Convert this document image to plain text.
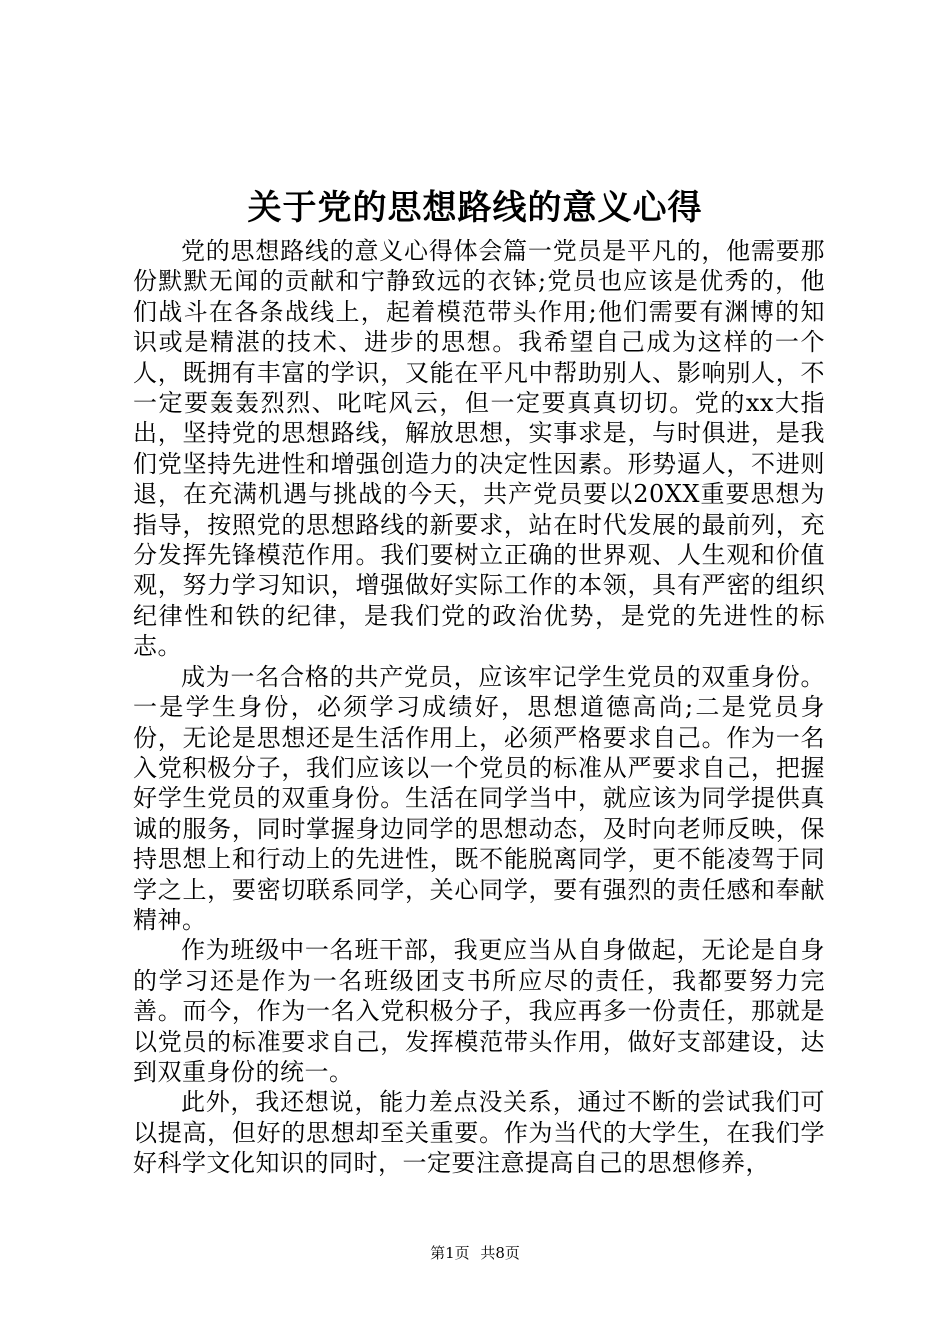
关于党的思想路线的意义心得

党的思想路线的意义心得体会篇一党员是平凡的，他需要那份默默无闻的贡献和宁静致远的衣钵;党员也应该是优秀的，他们战斗在各条战线上，起着模范带头作用;他们需要有渊博的知识或是精湛的技术、进步的思想。我希望自己成为这样的一个人，既拥有丰富的学识，又能在平凡中帮助别人、影响别人，不一定要轰轰烈烈、叱咤风云，但一定要真真切切。党的xx大指出，坚持党的思想路线，解放思想，实事求是，与时俱进，是我们党坚持先进性和增强创造力的决定性因素。形势逼人，不进则退，在充满机遇与挑战的今天，共产党员要以20XX重要思想为指导，按照党的思想路线的新要求，站在时代发展的最前列，充分发挥先锋模范作用。我们要树立正确的世界观、人生观和价值观，努力学习知识，增强做好实际工作的本领，具有严密的组织纪律性和铁的纪律，是我们党的政治优势，是党的先进性的标志。

成为一名合格的共产党员，应该牢记学生党员的双重身份。一是学生身份，必须学习成绩好，思想道德高尚;二是党员身份，无论是思想还是生活作用上，必须严格要求自己。作为一名入党积极分子，我们应该以一个党员的标准从严要求自己，把握好学生党员的双重身份。生活在同学当中，就应该为同学提供真诚的服务，同时掌握身边同学的思想动态，及时向老师反映，保持思想上和行动上的先进性，既不能脱离同学，更不能凌驾于同学之上，要密切联系同学，关心同学，要有强烈的责任感和奉献精神。

作为班级中一名班干部，我更应当从自身做起，无论是自身的学习还是作为一名班级团支书所应尽的责任，我都要努力完善。而今，作为一名入党积极分子，我应再多一份责任，那就是以党员的标准要求自己，发挥模范带头作用，做好支部建设，达到双重身份的统一。

此外，我还想说，能力差点没关系，通过不断的尝试我们可以提高，但好的思想却至关重要。作为当代的大学生，在我们学好科学文化知识的同时，一定要注意提高自己的思想修养，

第1页 共8页
